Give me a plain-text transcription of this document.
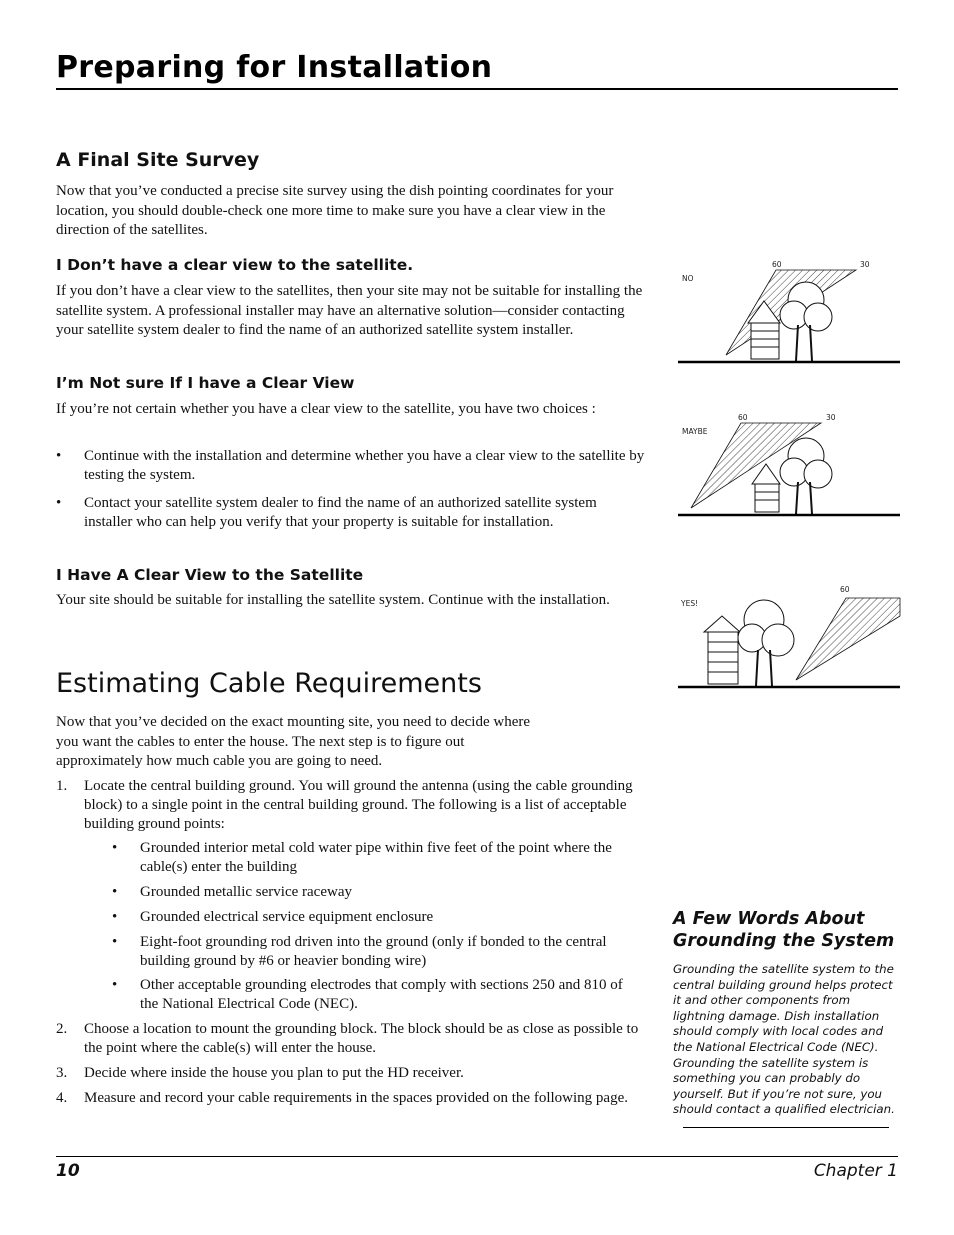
Preparing for Installation
A Final Site Survey

Now that you’ve conducted a precise site survey using the dish pointing coordinates for your location, you should double-check one more time to make sure you have a clear view in the direction of the satellites.

I Don’t have a clear view to the satellite.

If you don’t have a clear view to the satellites, then your site may not be suitable for installing the satellite system. A professional installer may have an alternative solution—consider contacting your satellite system dealer to find the name of an authorized satellite system installer.

I’m Not sure If I have a Clear View

If you’re not certain whether you have a clear view to the satellite, you have two choices :

• Continue with the installation and determine whether you have a clear view to the satellite by testing the system.
• Contact your satellite system dealer to find the name of an authorized satellite system installer who can help you verify that your property is suitable for installation.
I Have A Clear View to the Satellite

Your site should be suitable for installing the satellite system. Continue with the installation.

Estimating Cable Requirements

Now that you’ve decided on the exact mounting site, you need to decide where you want the cables to enter the house. The next step is to figure out approximately how much cable you are going to need.

1. Locate the central building ground. You will ground the antenna (using the cable grounding block) to a single point in the central building ground. The following is a list of acceptable building ground points:
• Grounded interior metal cold water pipe within five feet of the point where the cable(s) enter the building
• Grounded metallic service raceway
• Grounded electrical service equipment enclosure
• Eight-foot grounding rod driven into the ground (only if bonded to the central building ground by #6 or heavier bonding wire)
• Other acceptable grounding electrodes that comply with sections 250 and 810 of the National Electrical Code (NEC).
2. Choose a location to mount the grounding block. The block should be as close as possible to the point where the cable(s) will enter the house.
3. Decide where inside the house you plan to put the HD receiver.
4. Measure and record your cable requirements in the spaces provided on the following page.
NO
60	30
MAYBE
60	30
YES!
60
A Few Words About Grounding the System

Grounding the satellite system to the central building ground helps protect it and other components from lightning damage. Dish installation should comply with local codes and the National Electrical Code (NEC). Grounding the satellite system is something you can probably do yourself. But if you’re not sure, you should contact a qualified electrician.

10	Chapter 1
